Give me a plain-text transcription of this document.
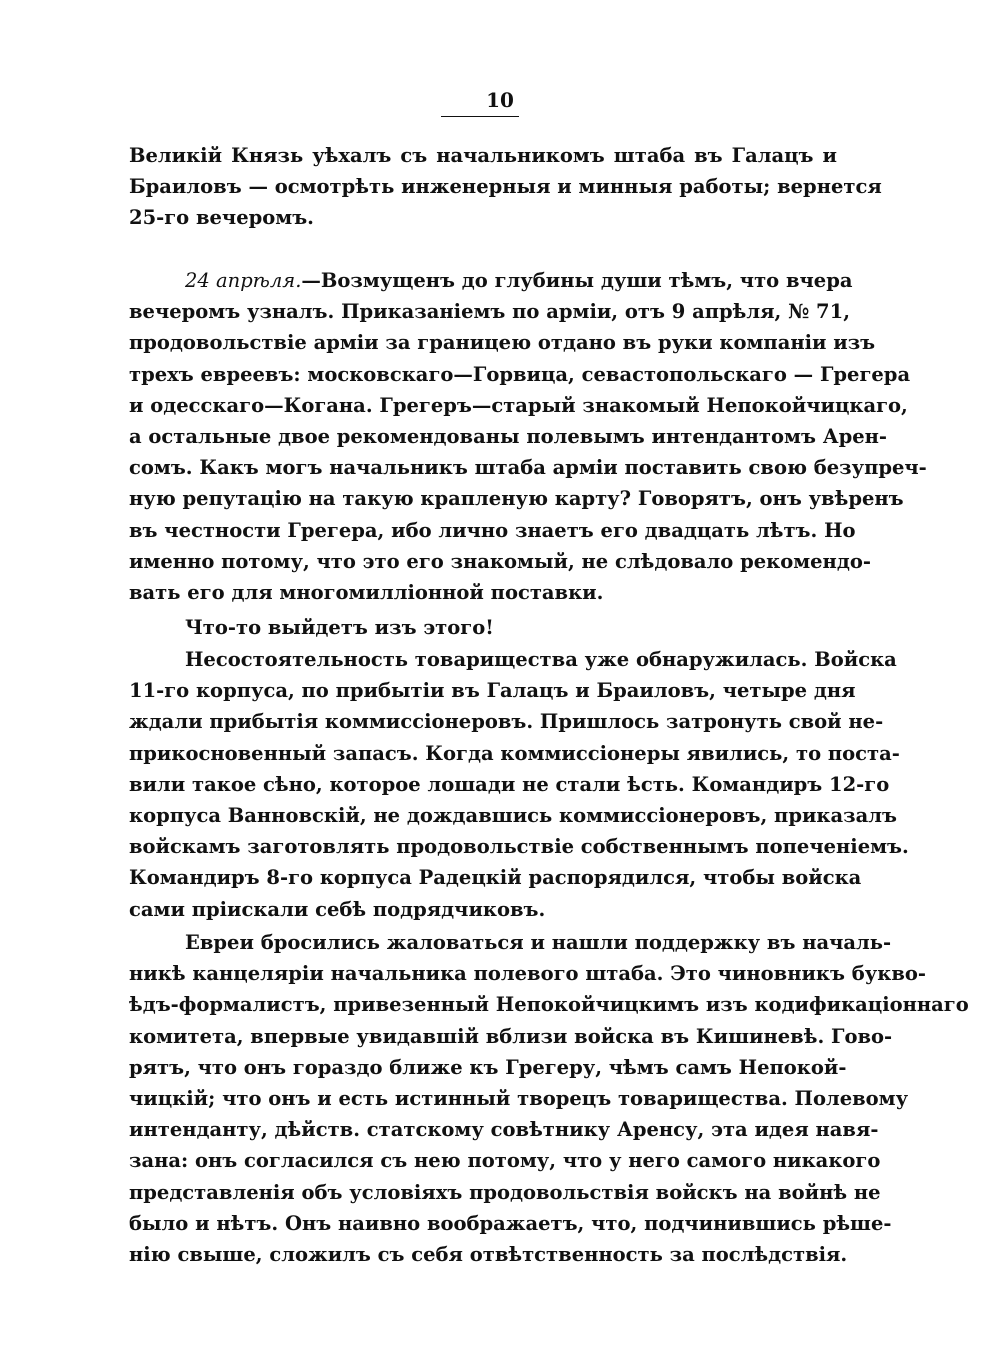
10
Великiй Князь уѣхалъ съ начальникомъ штаба въ Галацъ и
Браиловъ — осмотрѣть инженерныя и минныя работы; вернется
25-го вечеромъ.
24 апрѣля.—Возмущенъ до глубины души тѣмъ, что вчера
вечеромъ узналъ. Приказанiемъ по армiи, отъ 9 апрѣля, № 71,
продовольствiе армiи за границею отдано въ руки компанiи изъ
трехъ евреевъ: московскаго—Горвица, севастопольскаго — Грегера
и одесскаго—Когана. Грегеръ—старый знакомый Непокойчицкаго,
а остальные двое рекомендованы полевымъ интендантомъ Арен-
сомъ. Какъ могъ начальникъ штаба армiи поставить свою безупреч-
ную репутацiю на такую крапленую карту? Говорятъ, онъ увѣренъ
въ честности Грегера, ибо лично знаетъ его двадцать лѣтъ. Но
именно потому, что это его знакомый, не слѣдовало рекомендо-
вать его для многомиллiонной поставки.
Что-то выйдетъ изъ этого!
Несостоятельность товарищества уже обнаружилась. Войска
11-го корпуса, по прибытiи въ Галацъ и Браиловъ, четыре дня
ждали прибытiя коммиссiонеровъ. Пришлось затронуть свой не-
прикосновенный запасъ. Когда коммиссiонеры явились, то поста-
вили такое сѣно, которое лошади не стали ѣсть. Командиръ 12-го
корпуса Ванновскiй, не дождавшись коммиссiонеровъ, приказалъ
войскамъ заготовлять продовольствiе собственнымъ попеченiемъ.
Командиръ 8-го корпуса Радецкiй распорядился, чтобы войска
сами прiискали себѣ подрядчиковъ.
Евреи бросились жаловаться и нашли поддержку въ началь-
никѣ канцелярiи начальника полевого штаба. Это чиновникъ букво-
ѣдъ-формалистъ, привезенный Непокойчицкимъ изъ кодификацiоннаго
комитета, впервые увидавшiй вблизи войска въ Кишиневѣ. Гово-
рятъ, что онъ гораздо ближе къ Грегеру, чѣмъ самъ Непокой-
чицкiй; что онъ и есть истинный творецъ товарищества. Полевому
интенданту, дѣйств. статскому совѣтнику Аренсу, эта идея навя-
зана: онъ согласился съ нею потому, что у него самого никакого
представленiя объ условiяхъ продовольствiя войскъ на войнѣ не
было и нѣтъ. Онъ наивно воображаетъ, что, подчинившись рѣше-
нiю свыше, сложилъ съ себя отвѣтственность за послѣдствiя.
